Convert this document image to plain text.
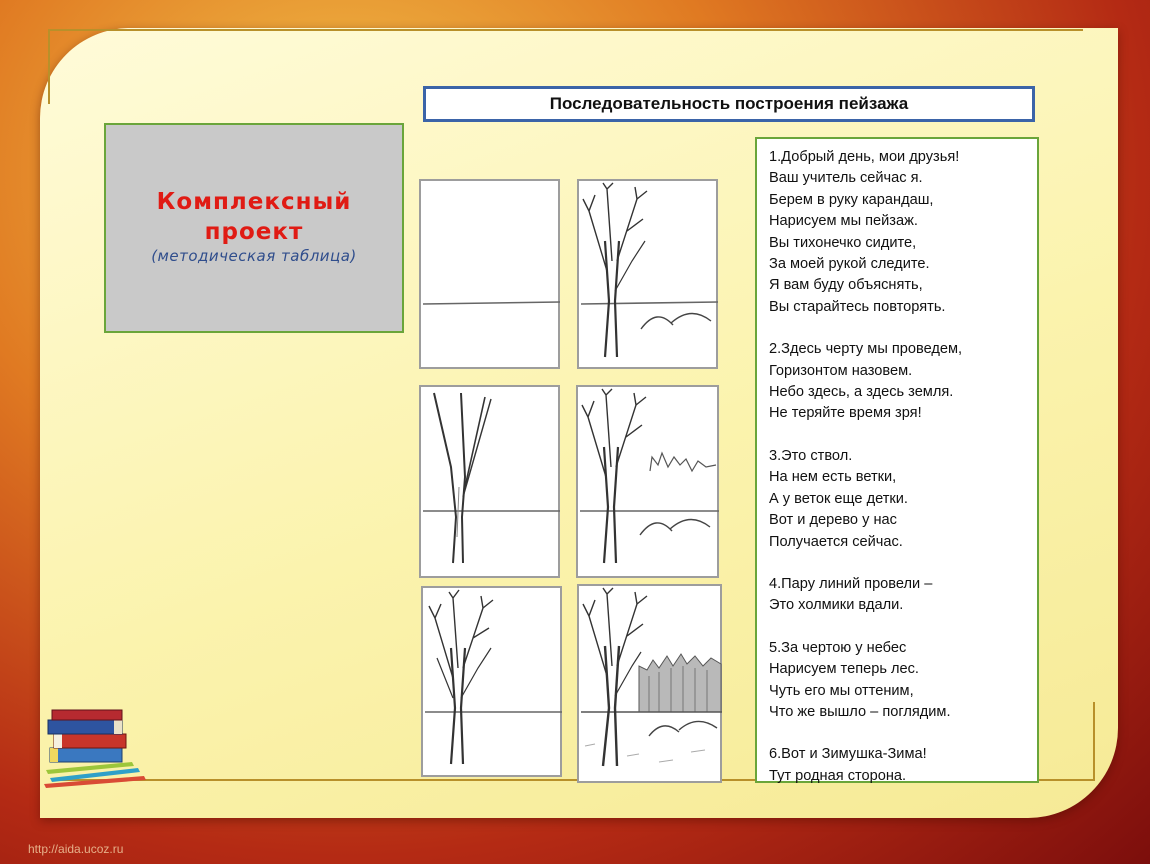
Последовательность построения пейзажа
Комплексный проект
(методическая таблица)
1.Добрый день, мои друзья!
Ваш учитель сейчас я.
Берем в руку карандаш,
Нарисуем мы пейзаж.
Вы тихонечко сидите,
За моей рукой следите.
Я вам буду объяснять,
Вы старайтесь повторять.
2.Здесь черту мы проведем,
Горизонтом назовем.
Небо здесь, а здесь земля.
Не теряйте время зря!
3.Это ствол.
На нем есть ветки,
А у веток еще детки.
Вот и дерево у нас
Получается сейчас.
4.Пару линий провели –
Это холмики вдали.
5.За чертою у небес
Нарисуем теперь лес.
Чуть его мы оттеним,
Что же вышло – поглядим.
6.Вот и Зимушка-Зима!
Тут родная сторона.
http://aida.ucoz.ru
